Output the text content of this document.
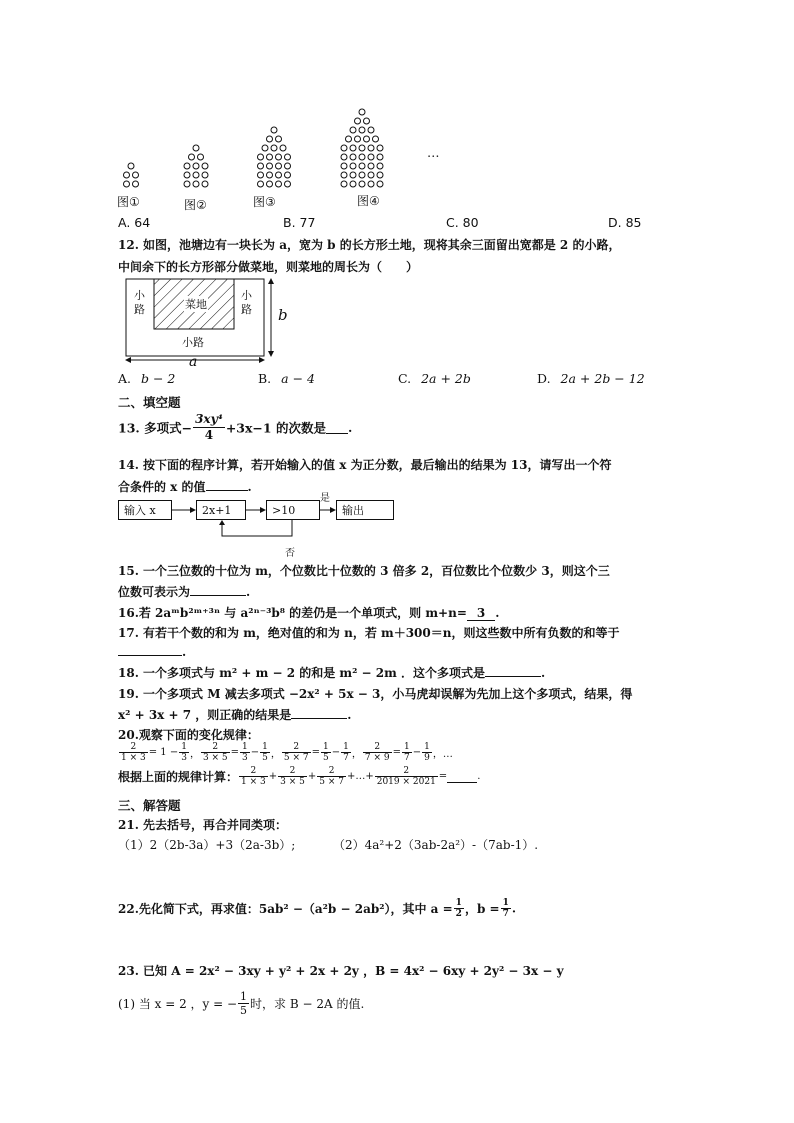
图①	图②	图③	图④
…
A. 64	B. 77	C. 80	D. 85
12. 如图，池塘边有一块长为 a，宽为 b 的长方形土地，现将其余三面留出宽都是 2 的小路，
中间余下的长方形部分做菜地，则菜地的周长为（　　）
菜地
小路
小路
小路
a
b
A. b − 2	B. a − 4	C. 2a + 2b	D. 2a + 2b − 12
二、填空题
13. 多项式− $\frac{\text{3xy⁴}}{4} +3x-1$ 的次数是 .
14. 按下面的程序计算，若开始输入的值 x 为正分数，最后输出的结果为 13，请写出一个符
合条件的 x 的值	.
输入 x	2x+1	>10	输出
是
否
15. 一个三位数的十位为 m，个位数比十位数的 3 倍多 2，百位数比个位数少 3，则这个三
位数可表示为	.
16.若 2aᵐb²ᵐ⁺³ⁿ 与 a²ⁿ⁻³b⁸ 的差仍是一个单项式，则 m+n= 3 .
17. 有若干个数的和为 m，绝对值的和为 n，若 m＋300＝n，则这些数中所有负数的和等于
.
18. 一个多项式与 m² + m − 2 的和是 m² − 2m ．这个多项式是	.
19. 一个多项式 M 减去多项式 −2x² + 5x − 3，小马虎却误解为先加上这个多项式，结果，得
x² + 3x + 7 ，则正确的结果是	.
20.观察下面的变化规律：
$\frac{2}{1 \times 3} = 1 - \frac{1}{3}$ ， $\frac{2}{3 \times 5} = \frac{1}{3} - \frac{1}{5}$ ， $\frac{2}{5 \times 7} = \frac{1}{5} - \frac{1}{7}$ ， $\frac{2}{7 \times 9} = \frac{1}{7} - \frac{1}{9}$ ，…
根据上面的规律计算： $\frac{2}{1 \times 3} + \frac{2}{3 \times 5} + \frac{2}{5 \times 7}$ +…+ $\frac{2}{2019 \times 2021}$ =	.
三、解答题
21. 先去括号，再合并同类项：
（1）2（2b-3a）+3（2a-3b）;	（2）4a²+2（3ab-2a²）-（7ab-1）.
22.先化简下式，再求值：5ab² −（a²b − 2ab²），其中 $a = \frac{1}{2}$ ，$b = \frac{1}{7}$ .
23. 已知 A = 2x² − 3xy + y² + 2x + 2y ，B = 4x² − 6xy + 2y² − 3x − y
(1) 当 x = 2 ，y = − $\frac{1}{5}$ 时，求 B − 2A 的值.
